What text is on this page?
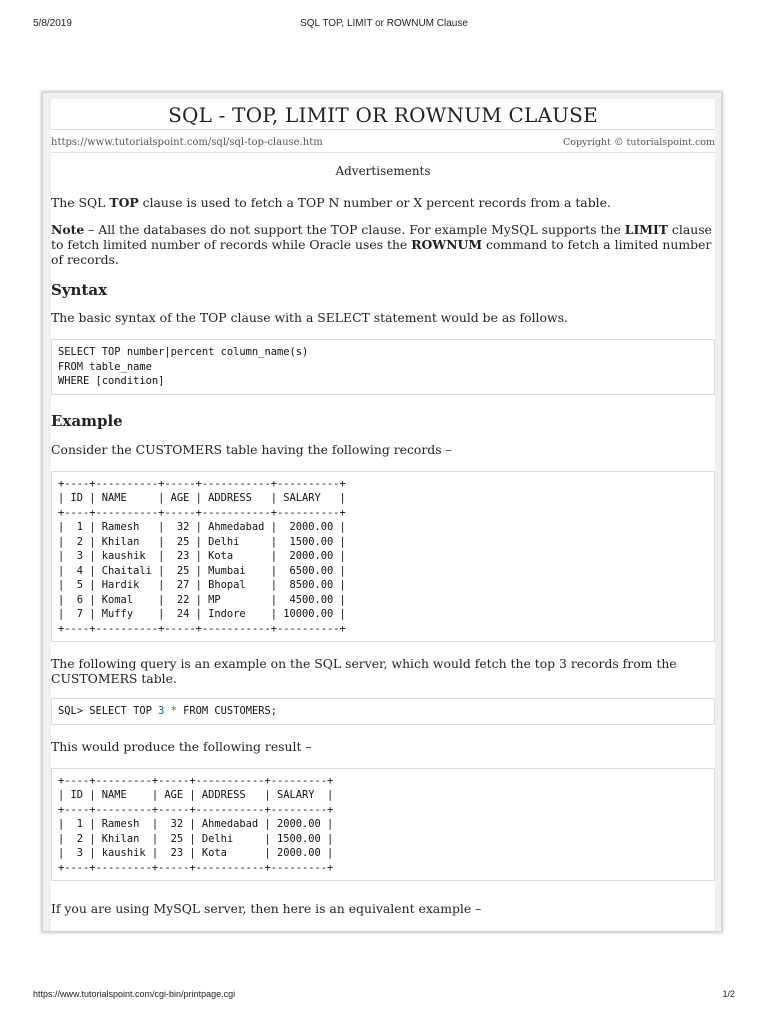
5/8/2019	SQL TOP, LIMIT or ROWNUM Clause
SQL - TOP, LIMIT OR ROWNUM CLAUSE
https://www.tutorialspoint.com/sql/sql-top-clause.htm	Copyright © tutorialspoint.com
Advertisements

The SQL TOP clause is used to fetch a TOP N number or X percent records from a table.

Note – All the databases do not support the TOP clause. For example MySQL supports the LIMIT clause to fetch limited number of records while Oracle uses the ROWNUM command to fetch a limited number of records.

Syntax

The basic syntax of the TOP clause with a SELECT statement would be as follows.

SELECT TOP number|percent column_name(s)
FROM table_name
WHERE [condition]
Example

Consider the CUSTOMERS table having the following records –

+----+----------+-----+-----------+----------+
| ID | NAME     | AGE | ADDRESS   | SALARY   |
+----+----------+-----+-----------+----------+
|  1 | Ramesh   |  32 | Ahmedabad |  2000.00 |
|  2 | Khilan   |  25 | Delhi     |  1500.00 |
|  3 | kaushik  |  23 | Kota      |  2000.00 |
|  4 | Chaitali |  25 | Mumbai    |  6500.00 |
|  5 | Hardik   |  27 | Bhopal    |  8500.00 |
|  6 | Komal    |  22 | MP        |  4500.00 |
|  7 | Muffy    |  24 | Indore    | 10000.00 |
+----+----------+-----+-----------+----------+

The following query is an example on the SQL server, which would fetch the top 3 records from the CUSTOMERS table.

SQL> SELECT TOP 3 * FROM CUSTOMERS;

This would produce the following result –

+----+---------+-----+-----------+---------+
| ID | NAME    | AGE | ADDRESS   | SALARY  |
+----+---------+-----+-----------+---------+
|  1 | Ramesh  |  32 | Ahmedabad | 2000.00 |
|  2 | Khilan  |  25 | Delhi     | 1500.00 |
|  3 | kaushik |  23 | Kota      | 2000.00 |
+----+---------+-----+-----------+---------+

If you are using MySQL server, then here is an equivalent example –

https://www.tutorialspoint.com/cgi-bin/printpage.cgi	1/2
